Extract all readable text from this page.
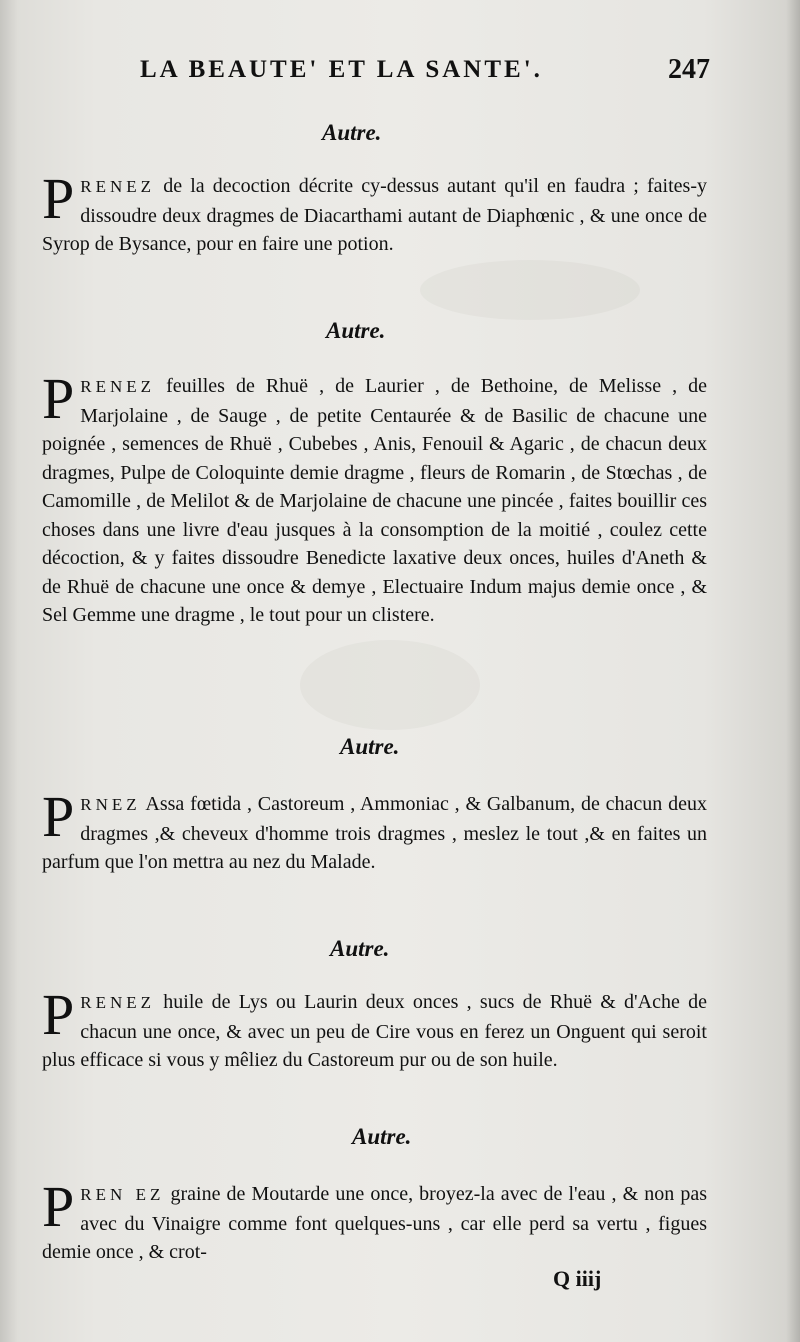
LA BEAUTE' ET LA SANTE'.	247
Autre.
PRENEZ de la decoction décrite cy-dessus autant qu'il en faudra ; faites-y dissoudre deux dragmes de Diacarthami autant de Diaphœnic , & une once de Syrop de Bysance, pour en faire une potion.
Autre.
PRENEZ feuilles de Rhuë , de Laurier , de Bethoine, de Melisse , de Marjolaine , de Sauge , de petite Centaurée & de Basilic de chacune une poignée , semences de Rhuë , Cubebes , Anis, Fenouil & Agaric , de chacun deux dragmes, Pulpe de Coloquinte demie dragme , fleurs de Romarin , de Stœchas , de Camomille , de Melilot & de Marjolaine de chacune une pincée , faites bouillir ces choses dans une livre d'eau jusques à la consomption de la moitié , coulez cette décoction, & y faites dissoudre Benedicte laxative deux onces, huiles d'Aneth & de Rhuë de chacune une once & demye , Electuaire Indum majus demie once , & Sel Gemme une dragme , le tout pour un clistere.
Autre.
PRNEZ Assa fœtida , Castoreum , Ammoniac , & Galbanum, de chacun deux dragmes ,& cheveux d'homme trois dragmes , meslez le tout ,& en faites un parfum que l'on mettra au nez du Malade.
Autre.
PRENEZ huile de Lys ou Laurin deux onces , sucs de Rhuë & d'Ache de chacun une once, & avec un peu de Cire vous en ferez un Onguent qui seroit plus efficace si vous y mêliez du Castoreum pur ou de son huile.
Autre.
PREN EZ graine de Moutarde une once, broyez-la avec de l'eau , & non pas avec du Vinaigre comme font quelques-uns , car elle perd sa vertu , figues demie once , & crot-
Q iiij
